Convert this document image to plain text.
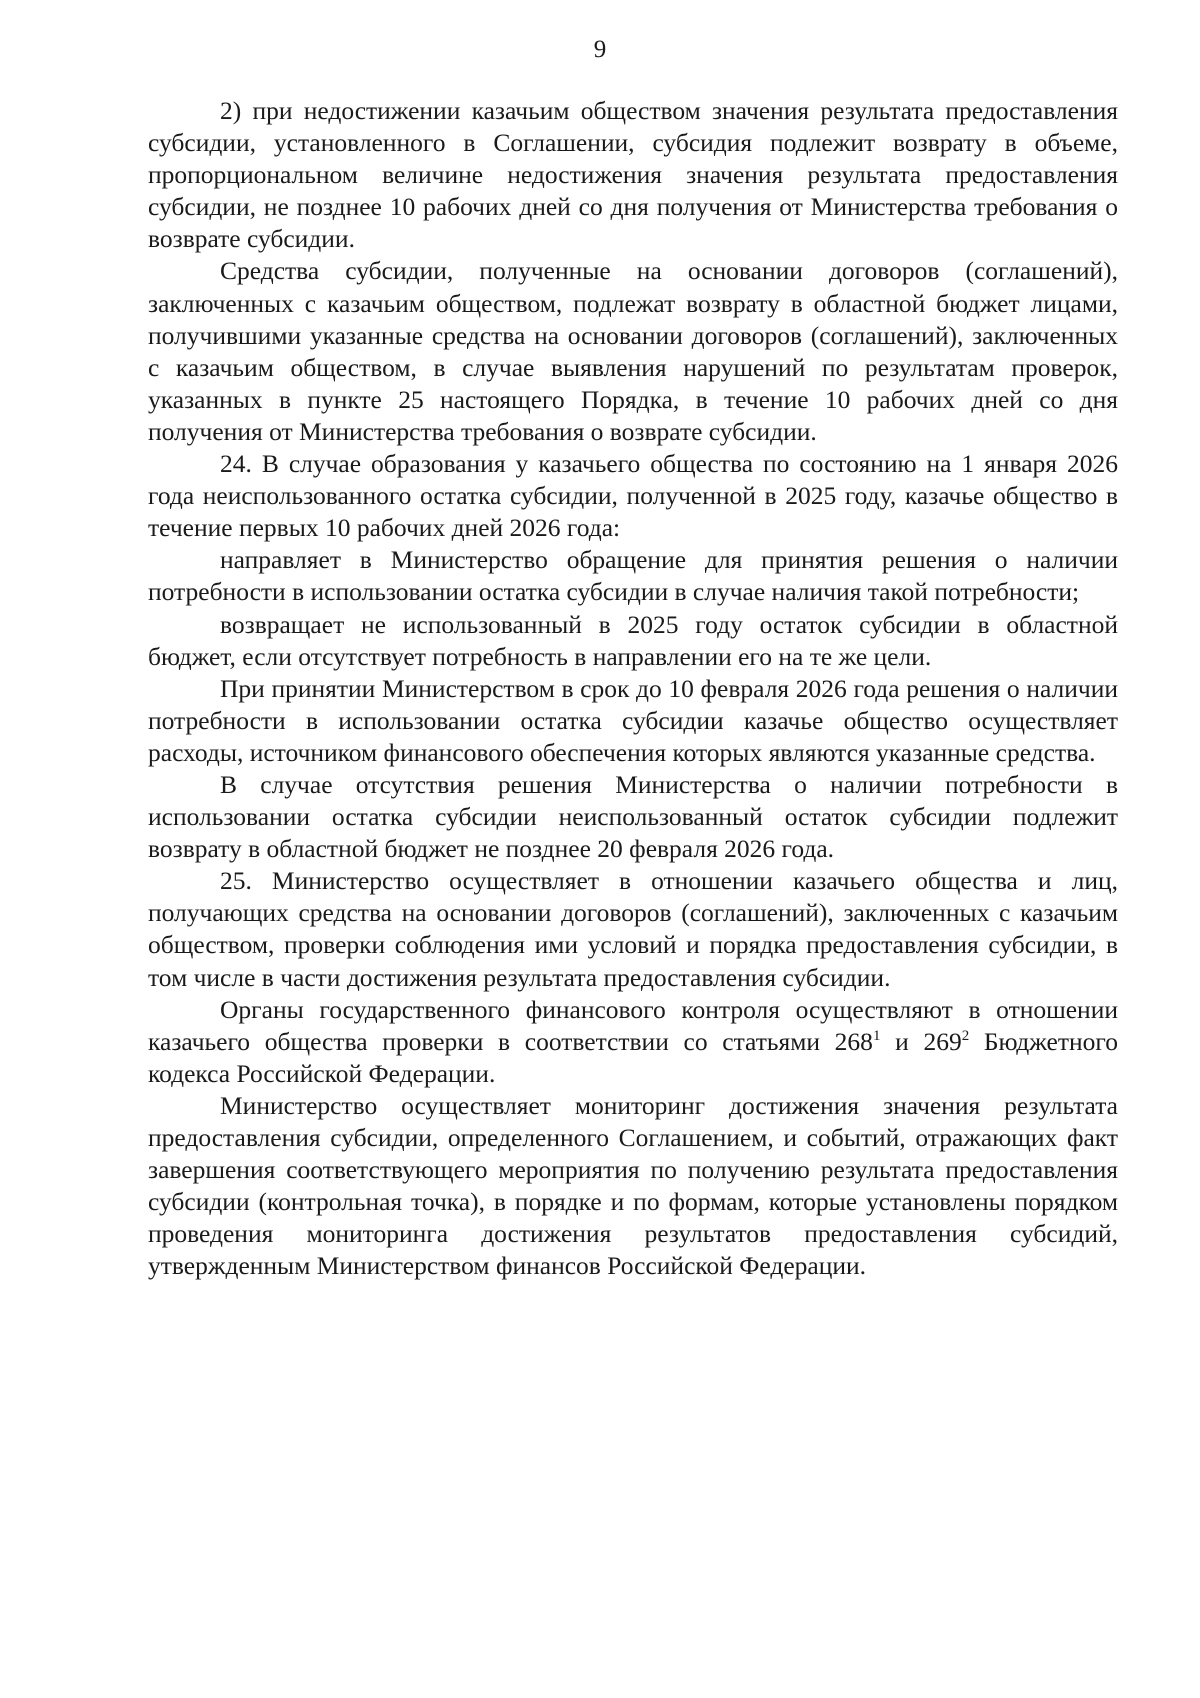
9

2) при недостижении казачьим обществом значения результата предоставления субсидии, установленного в Соглашении, субсидия подлежит возврату в объеме, пропорциональном величине недостижения значения результата предоставления субсидии, не позднее 10 рабочих дней со дня получения от Министерства требования о возврате субсидии.

Средства субсидии, полученные на основании договоров (соглашений), заключенных с казачьим обществом, подлежат возврату в областной бюджет лицами, получившими указанные средства на основании договоров (соглашений), заключенных с казачьим обществом, в случае выявления нарушений по результатам проверок, указанных в пункте 25 настоящего Порядка, в течение 10 рабочих дней со дня получения от Министерства требования о возврате субсидии.

24. В случае образования у казачьего общества по состоянию на 1 января 2026 года неиспользованного остатка субсидии, полученной в 2025 году, казачье общество в течение первых 10 рабочих дней 2026 года:

направляет в Министерство обращение для принятия решения о наличии потребности в использовании остатка субсидии в случае наличия такой потребности;

возвращает не использованный в 2025 году остаток субсидии в областной бюджет, если отсутствует потребность в направлении его на те же цели.

При принятии Министерством в срок до 10 февраля 2026 года решения о наличии потребности в использовании остатка субсидии казачье общество осуществляет расходы, источником финансового обеспечения которых являются указанные средства.

В случае отсутствия решения Министерства о наличии потребности в использовании остатка субсидии неиспользованный остаток субсидии подлежит возврату в областной бюджет не позднее 20 февраля 2026 года.

25. Министерство осуществляет в отношении казачьего общества и лиц, получающих средства на основании договоров (соглашений), заключенных с казачьим обществом, проверки соблюдения ими условий и порядка предоставления субсидии, в том числе в части достижения результата предоставления субсидии.

Органы государственного финансового контроля осуществляют в отношении казачьего общества проверки в соответствии со статьями $268^1$ и $269^2$ Бюджетного кодекса Российской Федерации.

Министерство осуществляет мониторинг достижения значения результата предоставления субсидии, определенного Соглашением, и событий, отражающих факт завершения соответствующего мероприятия по получению результата предоставления субсидии (контрольная точка), в порядке и по формам, которые установлены порядком проведения мониторинга достижения результатов предоставления субсидий, утвержденным Министерством финансов Российской Федерации.
